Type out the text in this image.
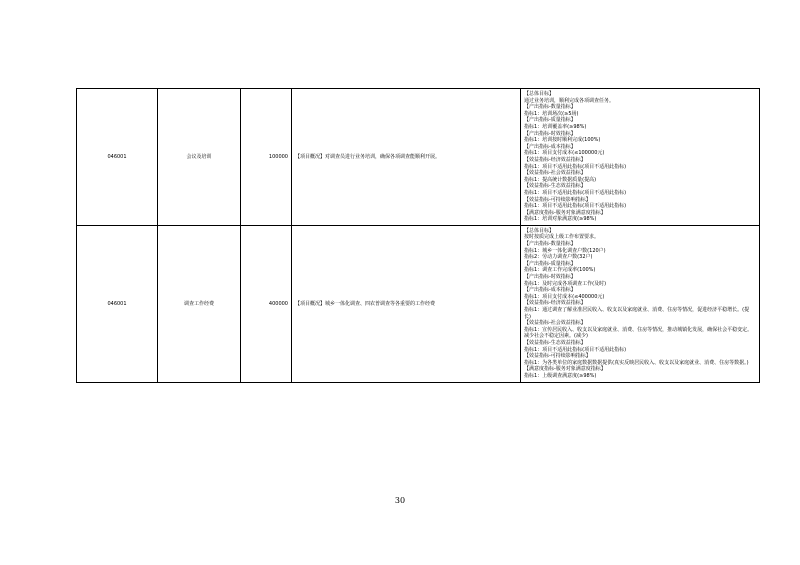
046001	会议及培训	100000	【项目概况】对调查员进行业务培训，确保各项调查能顺利开展。	
【总体目标】
通过业务培训，顺利完成各项调查任务。
【产出指标-数量指标】
指标1：培训场次(≥5场)
【产出指标-质量指标】
指标1：培训覆盖率(≥98%)
【产出指标-时效指标】
指标1：培训按时顺利完成(100%)
【产出指标-成本指标】
指标1：项目支付成本(≤100000元)
【效益指标-经济效益指标】
指标1：项目不适用此指标(项目不适用此指标)
【效益指标-社会效益指标】
指标1：提高统计数据质量(提高)
【效益指标-生态效益指标】
指标1：项目不适用此指标(项目不适用此指标)
【效益指标-可持续影响指标】
指标1：项目不适用此指标(项目不适用此指标)
【满意度指标-服务对象满意度指标】
指标1：培训对象满意度(≥98%)

046001	调查工作经费	400000	【项目概况】城乡一体化调查、四农普调查等各重要的工作经费	
【总体目标】
按时按质完成上级工作布置要求。
【产出指标-数量指标】
指标1：城乡一体化调查户数(120户)
指标2：劳动力调查户数(32户)
【产出指标-质量指标】
指标1：调查工作完成率(100%)
【产出指标-时效指标】
指标1：及时完成各项调查工作(及时)
【产出指标-成本指标】
指标1：项目支付成本(≤400000元)
【效益指标-经济效益指标】
指标1：通过调查了解业准居民收入、收支以及家庭就业、消费、住房等情况，促进经济平稳增长。(提长)
【效益指标-社会效益指标】
指标1：宣传居民收入、收支以及家庭就业、消费、住房等情况，推动城镇化发展，确保社会平稳变定。减少社会不稳定因素。(减少)
【效益指标-生态效益指标】
指标1：项目不适用此指标(项目不适用此指标)
【效益指标-可持续影响指标】
指标1：为各类单位的家庭数据数据提供(真实反映居民收入、收支以及家庭就业、消费、住房等数据。)
【满意度指标-服务对象满意度指标】
指标1：上级调查满意度(≥98%)
30
